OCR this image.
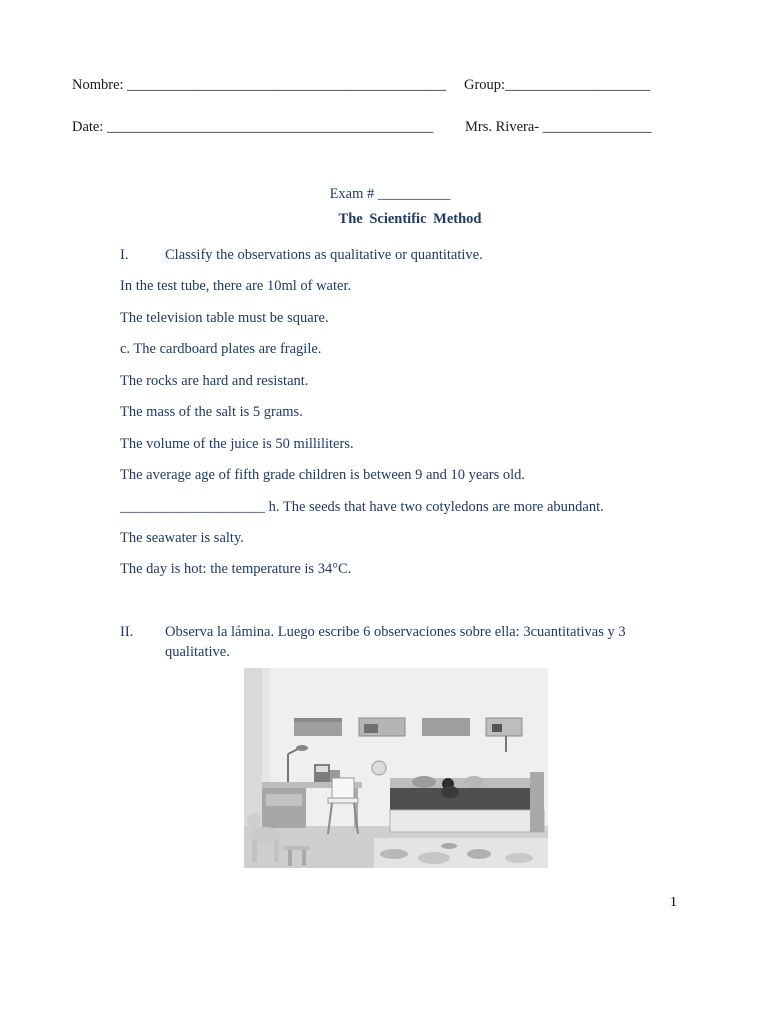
Nombre: ____________________________________________ Group:____________________
Date: _____________________________________________ Mrs. Rivera- _______________
Exam # __________
The Scientific Method
I.	Classify the observations as qualitative or quantitative.
In the test tube, there are 10ml of water.
The television table must be square.
c. The cardboard plates are fragile.
The rocks are hard and resistant.
The mass of the salt is 5 grams.
The volume of the juice is 50 milliliters.
The average age of fifth grade children is between 9 and 10 years old.
____________________ h. The seeds that have two cotyledons are more abundant.
The seawater is salty.
The day is hot: the temperature is 34°C.
II. Observa la lámina. Luego escribe 6 observaciones sobre ella: 3cuantitativas y 3
qualitative.
1
